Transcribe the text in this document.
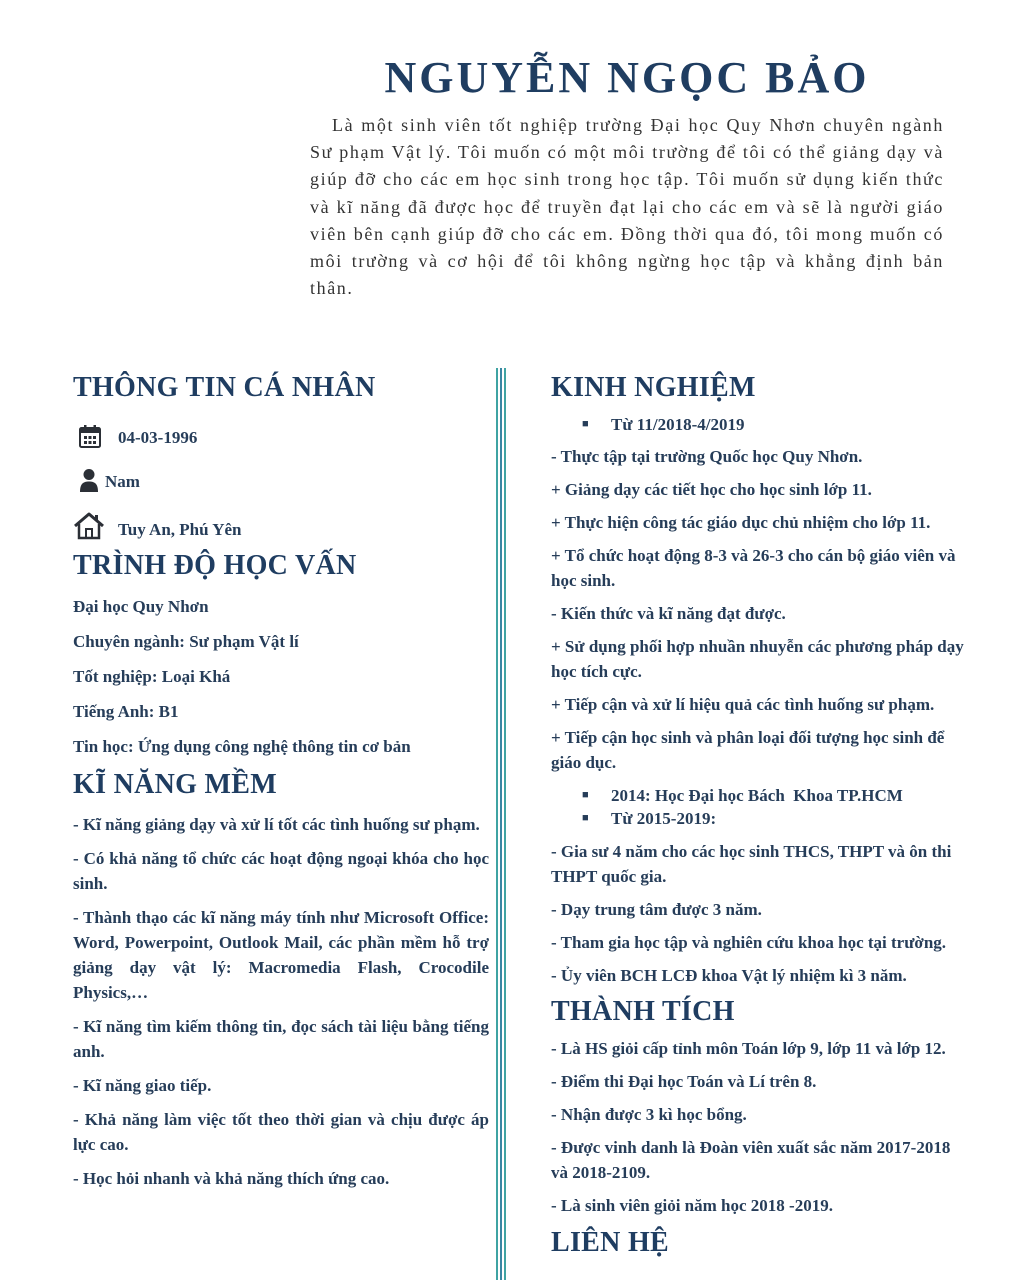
NGUYỄN NGỌC BẢO

Là một sinh viên tốt nghiệp trường Đại học Quy Nhơn chuyên ngành Sư phạm Vật lý. Tôi muốn có một môi trường để tôi có thể giảng dạy và giúp đỡ cho các em học sinh trong học tập. Tôi muốn sử dụng kiến thức và kĩ năng đã được học để truyền đạt lại cho các em và sẽ là người giáo viên bên cạnh giúp đỡ cho các em. Đồng thời qua đó, tôi mong muốn có môi trường và cơ hội để tôi không ngừng học tập và khẳng định bản thân.

THÔNG TIN CÁ NHÂN
04-03-1996
Nam
Tuy An, Phú Yên
TRÌNH ĐỘ HỌC VẤN

Đại học Quy Nhơn

Chuyên ngành: Sư phạm Vật lí

Tốt nghiệp: Loại Khá

Tiếng Anh: B1

Tin học: Ứng dụng công nghệ thông tin cơ bản

KĨ NĂNG MỀM

- Kĩ năng giảng dạy và xử lí tốt các tình huống sư phạm.

- Có khả năng tổ chức các hoạt động ngoại khóa cho học sinh.

- Thành thạo các kĩ năng máy tính như Microsoft Office: Word, Powerpoint, Outlook Mail, các phần mềm hỗ trợ giảng dạy vật lý: Macromedia Flash, Crocodile Physics,…

- Kĩ năng tìm kiếm thông tin, đọc sách tài liệu bằng tiếng anh.

- Kĩ năng giao tiếp.

- Khả năng làm việc tốt theo thời gian và chịu được áp lực cao.

- Học hỏi nhanh và khả năng thích ứng cao.

KINH NGHIỆM
■	Từ 11/2018-4/2019

- Thực tập tại trường Quốc học Quy Nhơn.

+ Giảng dạy các tiết học cho học sinh lớp 11.

+ Thực hiện công tác giáo dục chủ nhiệm cho lớp 11.

+ Tổ chức hoạt động 8-3 và 26-3 cho cán bộ giáo viên và học sinh.

- Kiến thức và kĩ năng đạt được.

+ Sử dụng phối hợp nhuần nhuyễn các phương pháp dạy học tích cực.

+ Tiếp cận và xử lí hiệu quả các tình huống sư phạm.

+ Tiếp cận học sinh và phân loại đối tượng học sinh để giáo dục.

■	2014: Học Đại học Bách  Khoa TP.HCM
■	Từ 2015-2019:

- Gia sư 4 năm cho các học sinh THCS, THPT và ôn thi THPT quốc gia.

- Dạy trung tâm được 3 năm.

- Tham gia học tập và nghiên cứu khoa học tại trường.

- Ủy viên BCH LCĐ khoa Vật lý nhiệm kì 3 năm.

THÀNH TÍCH

- Là HS giỏi cấp tỉnh môn Toán lớp 9, lớp 11 và lớp 12.

- Điểm thi Đại học Toán và Lí trên 8.

- Nhận được 3 kì học bổng.

- Được vinh danh là Đoàn viên xuất sắc năm 2017-2018 và 2018-2109.

- Là sinh viên giỏi năm học 2018 -2019.

LIÊN HỆ
